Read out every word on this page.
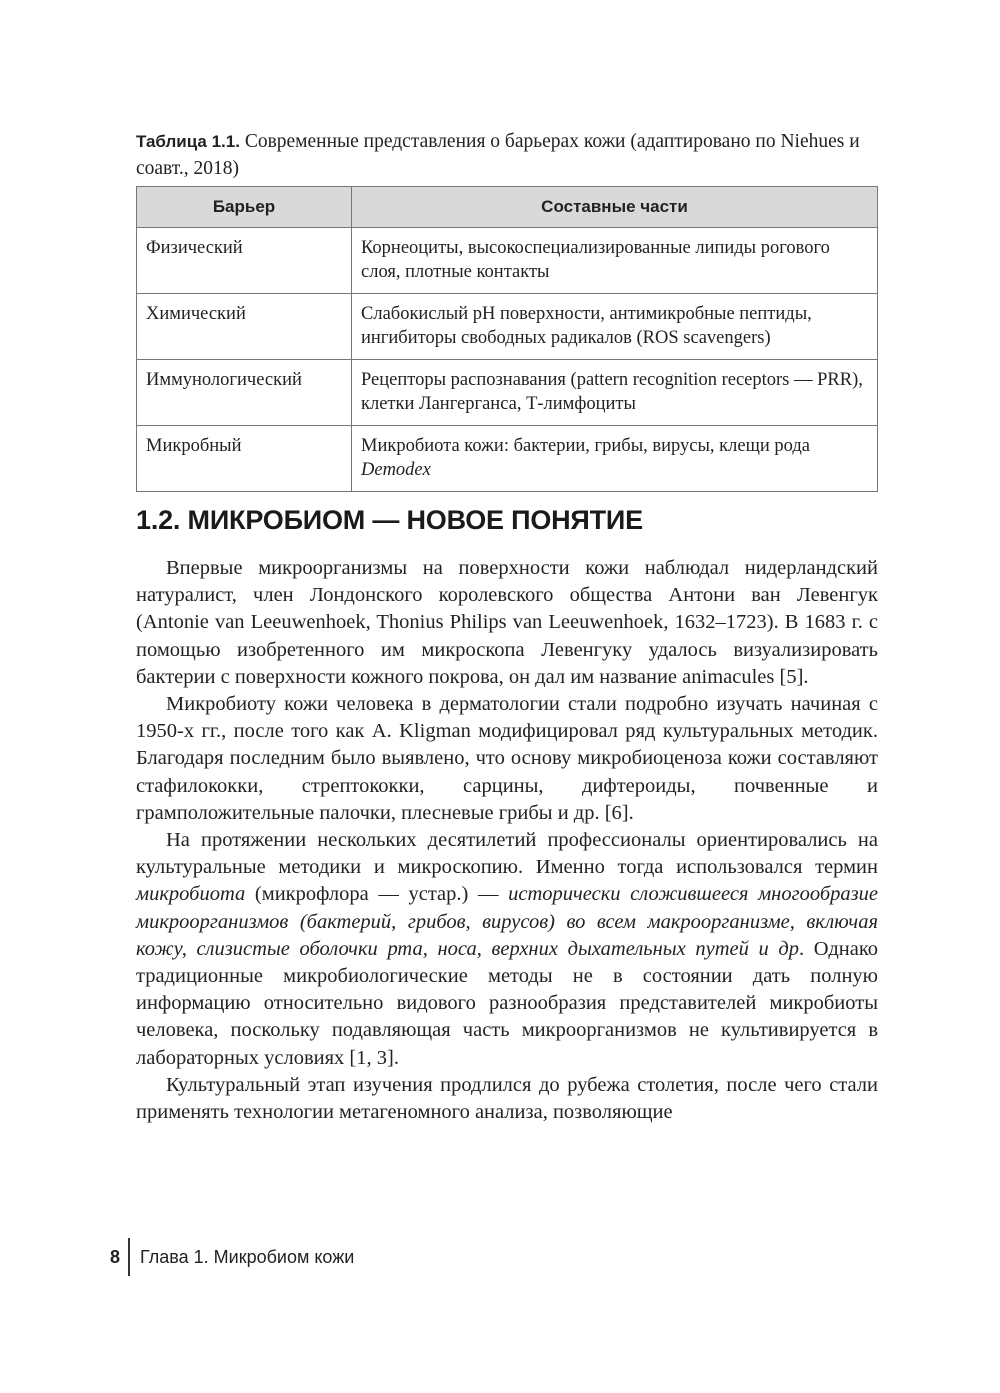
Таблица 1.1. Современные представления о барьерах кожи (адаптировано по Niehues и соавт., 2018)
Барьер	Составные части
Физический	Корнеоциты, высокоспециализированные липиды рогового слоя, плотные контакты
Химический	Слабокислый pH поверхности, антимикробные пептиды, ингибиторы свободных радикалов (ROS scavengers)
Иммунологический	Рецепторы распознавания (pattern recognition receptors — PRR), клетки Лангерганса, Т-лимфоциты
Микробный	Микробиота кожи: бактерии, грибы, вирусы, клещи рода Demodex
1.2. МИКРОБИОМ — НОВОЕ ПОНЯТИЕ

Впервые микроорганизмы на поверхности кожи наблюдал нидерландский натуралист, член Лондонского королевского общества Антони ван Левенгук (Antonie van Leeuwenhoek, Thonius Philips van Leeuwenhoek, 1632–1723). В 1683 г. с помощью изобретенного им микроскопа Левенгуку удалось визуализировать бактерии с поверхности кожного покрова, он дал им название animacules [5].

Микробиоту кожи человека в дерматологии стали подробно изучать начиная с 1950-х гг., после того как A. Kligman модифицировал ряд культуральных методик. Благодаря последним было выявлено, что основу микробиоценоза кожи составляют стафилококки, стрептококки, сарцины, дифтероиды, почвенные и грамположительные палочки, плесневые грибы и др. [6].

На протяжении нескольких десятилетий профессионалы ориентировались на культуральные методики и микроскопию. Именно тогда использовался термин микробиота (микрофлора — устар.) — исторически сложившееся многообразие микроорганизмов (бактерий, грибов, вирусов) во всем макроорганизме, включая кожу, слизистые оболочки рта, носа, верхних дыхательных путей и др. Однако традиционные микробиологические методы не в состоянии дать полную информацию относительно видового разнообразия представителей микробиоты человека, поскольку подавляющая часть микроорганизмов не культивируется в лабораторных условиях [1, 3].

Культуральный этап изучения продлился до рубежа столетия, после чего стали применять технологии метагеномного анализа, позволяющие

8	Глава 1. Микробиом кожи
